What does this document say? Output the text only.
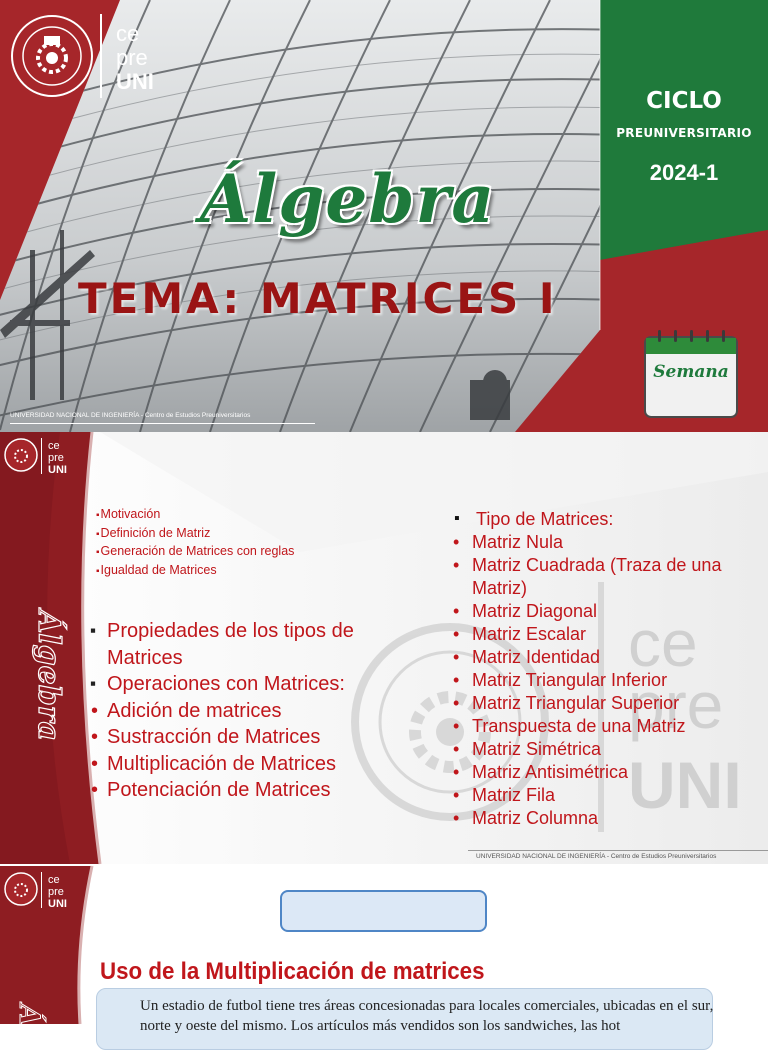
ce
pre
UNI
Álgebra
TEMA: MATRICES I
CICLO
PREUNIVERSITARIO
2024-1
Semana
UNIVERSIDAD NACIONAL DE INGENIERÍA - Centro de Estudios Preuniversitarios
ce
pre
UNI
ce
pre
UNI
Álgebra
▪ Motivación
▪ Definición de Matriz
▪ Generación de Matrices con reglas
▪ Igualdad de Matrices
▪ Propiedades de los tipos de Matrices
▪ Operaciones con Matrices:
• Adición de matrices
• Sustracción de Matrices
• Multiplicación de Matrices
• Potenciación de Matrices
▪ Tipo de Matrices:
• Matriz Nula
• Matriz Cuadrada (Traza de una Matriz)
• Matriz Diagonal
• Matriz Escalar
• Matriz Identidad
• Matriz Triangular Inferior
• Matriz Triangular Superior
• Transpuesta de una Matriz
• Matriz Simétrica
• Matriz Antisimétrica
• Matriz Fila
• Matriz Columna
UNIVERSIDAD NACIONAL DE INGENIERÍA - Centro de Estudios Preuniversitarios
Á
ce
pre
UNI
Uso de la Multiplicación de matrices
Un estadio de futbol tiene tres áreas concesionadas para locales comerciales, ubicadas en el sur, norte y oeste del mismo. Los artículos más vendidos son los sandwiches, las hot
